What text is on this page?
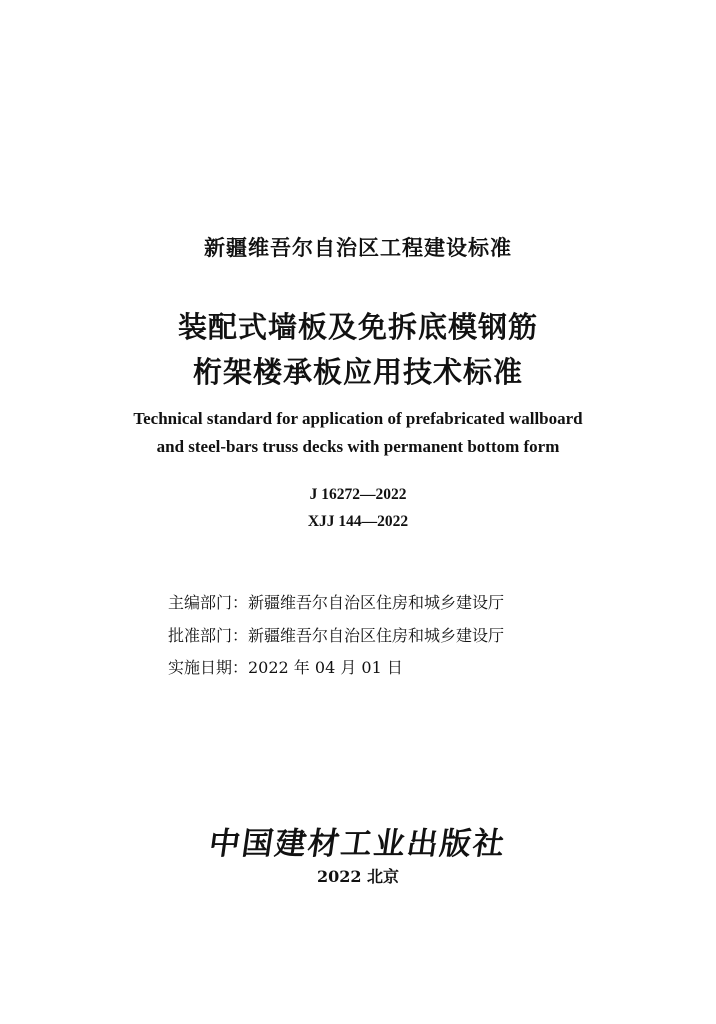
新疆维吾尔自治区工程建设标准
装配式墙板及免拆底模钢筋
桁架楼承板应用技术标准
Technical standard for application of prefabricated wallboard
and steel-bars truss decks with permanent bottom form
J 16272—2022
XJJ 144—2022
主编部门：新疆维吾尔自治区住房和城乡建设厅
批准部门：新疆维吾尔自治区住房和城乡建设厅
实施日期：2022 年 04 月 01 日
中国建材工业出版社
2022 北京
